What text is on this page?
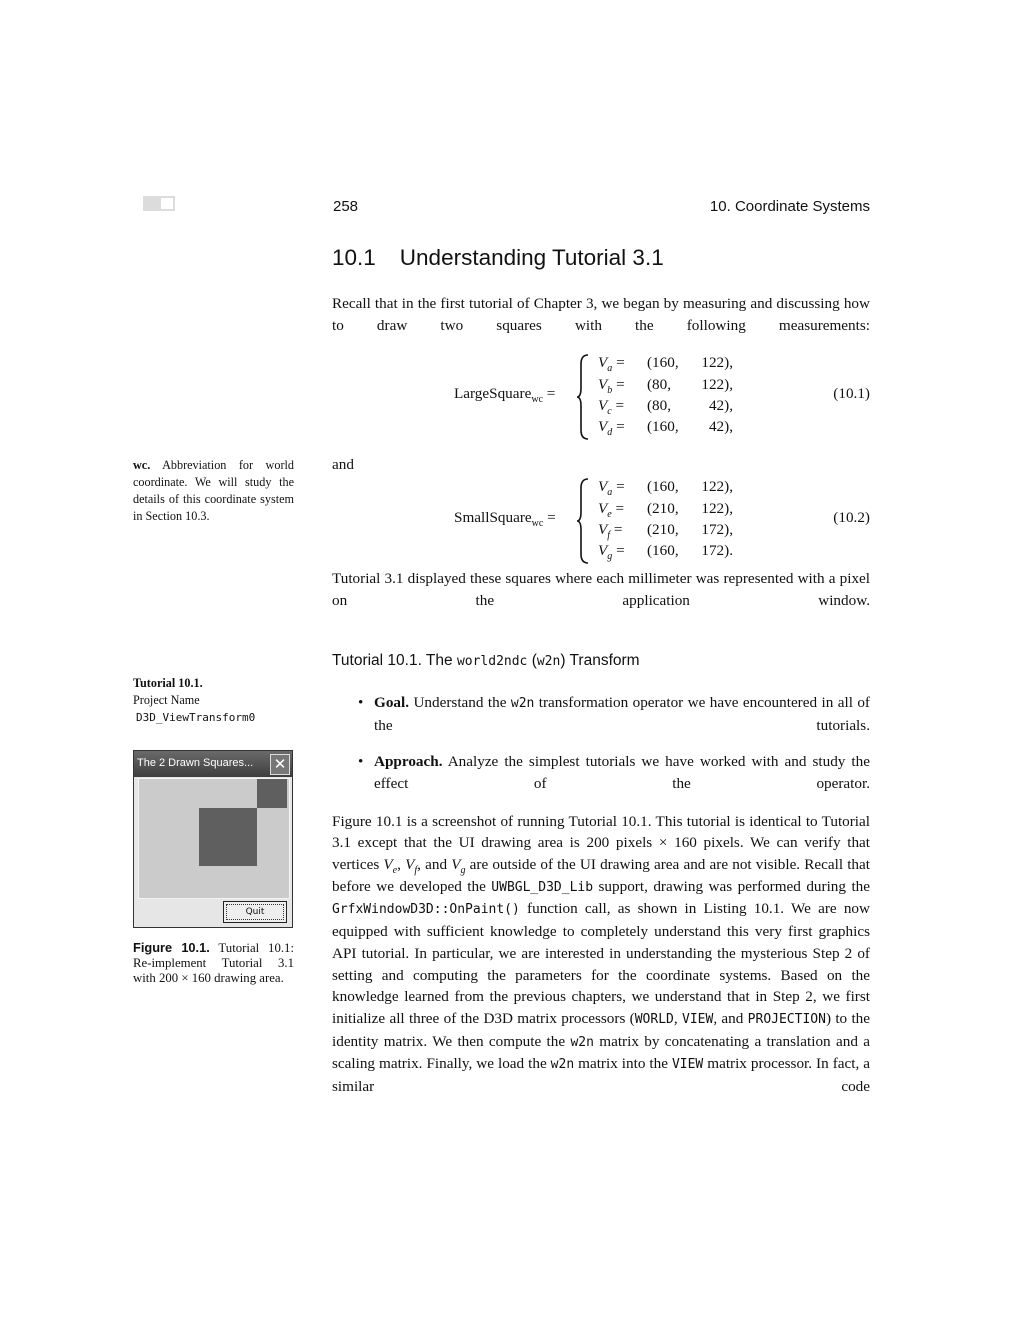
258	10. Coordinate Systems
10.1 Understanding Tutorial 3.1
Recall that in the first tutorial of Chapter 3, we began by measuring and discussing how to draw two squares with the following measurements:
LargeSquare$_{wc}$ =
$V_a$ =	(160,	122),
$V_b$ =	(80,	122),
$V_c$ =	(80,	42),
$V_d$ =	(160,	42),
(10.1)
and
SmallSquare$_{wc}$ =
$V_a$ =	(160,	122),
$V_e$ =	(210,	122),
$V_f$ =	(210,	172),
$V_g$ =	(160,	172).
(10.2)
Tutorial 3.1 displayed these squares where each millimeter was represented with a pixel on the application window.
Tutorial 10.1. The world2ndc (w2n) Transform
• Goal. Understand the w2n transformation operator we have encountered in all of the tutorials.
• Approach. Analyze the simplest tutorials we have worked with and study the effect of the operator.
Figure 10.1 is a screenshot of running Tutorial 10.1. This tutorial is identical to Tutorial 3.1 except that the UI drawing area is 200 pixels × 160 pixels. We can verify that vertices $V_e$, $V_f$, and $V_g$ are outside of the UI drawing area and are not visible. Recall that before we developed the UWBGL_D3D_Lib support, drawing was performed during the GrfxWindowD3D::OnPaint() function call, as shown in Listing 10.1. We are now equipped with sufficient knowledge to completely understand this very first graphics API tutorial. In particular, we are interested in understanding the mysterious Step 2 of setting and computing the parameters for the coordinate systems. Based on the knowledge learned from the previous chapters, we understand that in Step 2, we first initialize all three of the D3D matrix processors (WORLD, VIEW, and PROJECTION) to the identity matrix. We then compute the w2n matrix by concatenating a translation and a scaling matrix. Finally, we load the w2n matrix into the VIEW matrix processor. In fact, a similar code
wc. Abbreviation for world coordinate. We will study the details of this coordinate system in Section 10.3.
Tutorial 10.1.
Project Name
D3D_ViewTransform0
The 2 Drawn Squares... ✕
Quit
Figure 10.1. Tutorial 10.1: Re-implement Tutorial 3.1 with 200 × 160 drawing area.
